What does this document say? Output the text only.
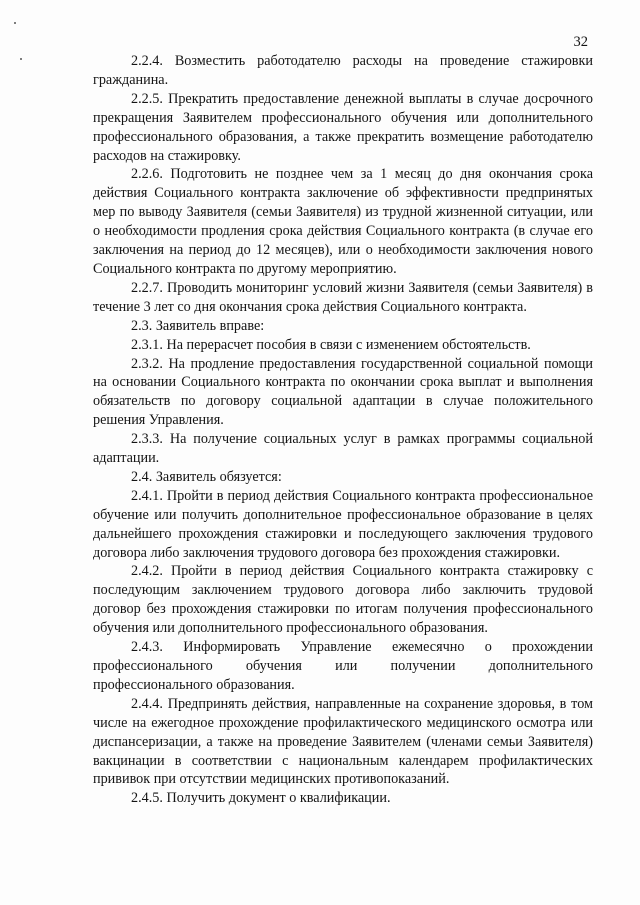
32

2.2.4. Возместить работодателю расходы на проведение стажировки гражданина.

2.2.5. Прекратить предоставление денежной выплаты в случае досрочного прекращения Заявителем профессионального обучения или дополнительного профессионального образования, а также прекратить возмещение работодателю расходов на стажировку.

2.2.6. Подготовить не позднее чем за 1 месяц до дня окончания срока действия Социального контракта заключение об эффективности предпринятых мер по выводу Заявителя (семьи Заявителя) из трудной жизненной ситуации, или о необходимости продления срока действия Социального контракта (в случае его заключения на период до 12 месяцев), или о необходимости заключения нового Социального контракта по другому мероприятию.

2.2.7. Проводить мониторинг условий жизни Заявителя (семьи Заявителя) в течение 3 лет со дня окончания срока действия Социального контракта.

2.3. Заявитель вправе:

2.3.1. На перерасчет пособия в связи с изменением обстоятельств.

2.3.2. На продление предоставления государственной социальной помощи на основании Социального контракта по окончании срока выплат и выполнения обязательств по договору социальной адаптации в случае положительного решения Управления.

2.3.3. На получение социальных услуг в рамках программы социальной адаптации.

2.4. Заявитель обязуется:

2.4.1. Пройти в период действия Социального контракта профессиональное обучение или получить дополнительное профессиональное образование в целях дальнейшего прохождения стажировки и последующего заключения трудового договора либо заключения трудового договора без прохождения стажировки.

2.4.2. Пройти в период действия Социального контракта стажировку с последующим заключением трудового договора либо заключить трудовой договор без прохождения стажировки по итогам получения профессионального обучения или дополнительного профессионального образования.

2.4.3. Информировать Управление ежемесячно о прохождении профессионального обучения или получении дополнительного профессионального образования.

2.4.4. Предпринять действия, направленные на сохранение здоровья, в том числе на ежегодное прохождение профилактического медицинского осмотра или диспансеризации, а также на проведение Заявителем (членами семьи Заявителя) вакцинации в соответствии с национальным календарем профилактических прививок при отсутствии медицинских противопоказаний.

2.4.5. Получить документ о квалификации.
